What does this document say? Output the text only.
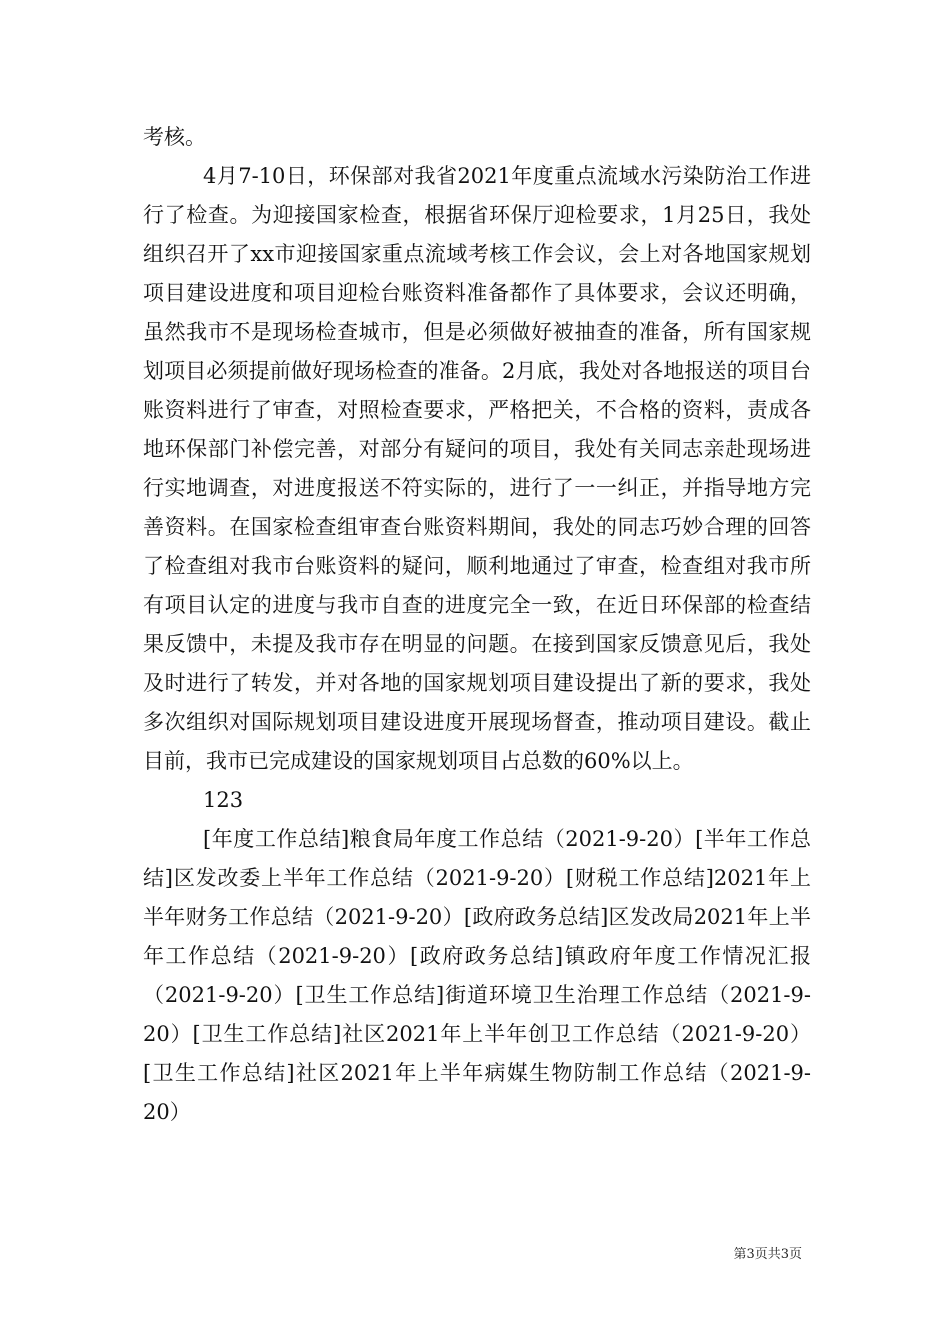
考核。

4月7-10日，环保部对我省2021年度重点流域水污染防治工作进行了检查。为迎接国家检查，根据省环保厅迎检要求，1月25日，我处组织召开了xx市迎接国家重点流域考核工作会议，会上对各地国家规划项目建设进度和项目迎检台账资料准备都作了具体要求，会议还明确，虽然我市不是现场检查城市，但是必须做好被抽查的准备，所有国家规划项目必须提前做好现场检查的准备。2月底，我处对各地报送的项目台账资料进行了审查，对照检查要求，严格把关，不合格的资料，责成各地环保部门补偿完善，对部分有疑问的项目，我处有关同志亲赴现场进行实地调查，对进度报送不符实际的，进行了一一纠正，并指导地方完善资料。在国家检查组审查台账资料期间，我处的同志巧妙合理的回答了检查组对我市台账资料的疑问，顺利地通过了审查，检查组对我市所有项目认定的进度与我市自查的进度完全一致，在近日环保部的检查结果反馈中，未提及我市存在明显的问题。在接到国家反馈意见后，我处及时进行了转发，并对各地的国家规划项目建设提出了新的要求，我处多次组织对国际规划项目建设进度开展现场督查，推动项目建设。截止目前，我市已完成建设的国家规划项目占总数的60%以上。

123

[年度工作总结]粮食局年度工作总结（2021-9-20）[半年工作总结]区发改委上半年工作总结（2021-9-20）[财税工作总结]2021年上半年财务工作总结（2021-9-20）[政府政务总结]区发改局2021年上半年工作总结（2021-9-20）[政府政务总结]镇政府年度工作情况汇报（2021-9-20）[卫生工作总结]街道环境卫生治理工作总结（2021-9-20）[卫生工作总结]社区2021年上半年创卫工作总结（2021-9-20）[卫生工作总结]社区2021年上半年病媒生物防制工作总结（2021-9-20）

第3页共3页
